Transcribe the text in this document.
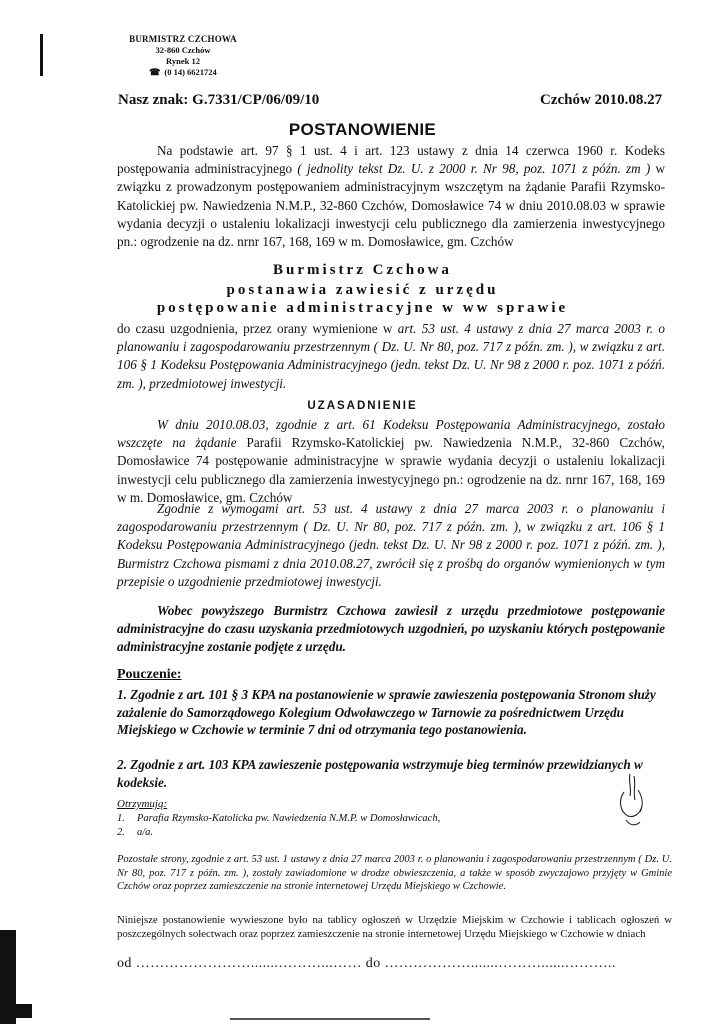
BURMISTRZ CZCHOWA
32-860 Czchów
Rynek 12
☎ (0 14) 6621724
Nasz znak: G.7331/CP/06/09/10	Czchów 2010.08.27
POSTANOWIENIE
Na podstawie art. 97 § 1 ust. 4 i art. 123 ustawy z dnia 14 czerwca 1960 r. Kodeks postępowania administracyjnego ( jednolity tekst Dz. U. z 2000 r. Nr 98, poz. 1071 z późn. zm ) w związku z prowadzonym postępowaniem administracyjnym wszczętym na żądanie Parafii Rzymsko-Katolickiej pw. Nawiedzenia N.M.P., 32-860 Czchów, Domosławice 74 w dniu 2010.08.03 w sprawie wydania decyzji o ustaleniu lokalizacji inwestycji celu publicznego dla zamierzenia inwestycyjnego pn.: ogrodzenie na dz. nrnr 167, 168, 169 w m. Domosławice, gm. Czchów
Burmistrz Czchowa
postanawia zawiesić z urzędu
postępowanie administracyjne w ww sprawie
do czasu uzgodnienia, przez orany wymienione w art. 53 ust. 4 ustawy z dnia 27 marca 2003 r. o planowaniu i zagospodarowaniu przestrzennym ( Dz. U. Nr 80, poz. 717 z późn. zm. ), w związku z art. 106 § 1 Kodeksu Postępowania Administracyjnego (jedn. tekst Dz. U. Nr 98 z 2000 r. poz. 1071 z późń. zm. ), przedmiotowej inwestycji.
UZASADNIENIE
W dniu 2010.08.03, zgodnie z art. 61 Kodeksu Postępowania Administracyjnego, zostało wszczęte na żądanie Parafii Rzymsko-Katolickiej pw. Nawiedzenia N.M.P., 32-860 Czchów, Domosławice 74 postępowanie administracyjne w sprawie wydania decyzji o ustaleniu lokalizacji inwestycji celu publicznego dla zamierzenia inwestycyjnego pn.: ogrodzenie na dz. nrnr 167, 168, 169 w m. Domosławice, gm. Czchów
Zgodnie z wymogami art. 53 ust. 4 ustawy z dnia 27 marca 2003 r. o planowaniu i zagospodarowaniu przestrzennym ( Dz. U. Nr 80, poz. 717 z późn. zm. ), w związku z art. 106 § 1 Kodeksu Postępowania Administracyjnego (jedn. tekst Dz. U. Nr 98 z 2000 r. poz. 1071 z późń. zm. ), Burmistrz Czchowa pismami z dnia 2010.08.27, zwrócił się z prośbą do organów wymienionych w tym przepisie o uzgodnienie przedmiotowej inwestycji.
Wobec powyższego Burmistrz Czchowa zawiesił z urzędu przedmiotowe postępowanie administracyjne do czasu uzyskania przedmiotowych uzgodnień, po uzyskaniu których postępowanie administracyjne zostanie podjęte z urzędu.
Pouczenie:
1. Zgodnie z art. 101 § 3 KPA na postanowienie w sprawie zawieszenia postępowania Stronom służy zażalenie do Samorządowego Kolegium Odwoławczego w Tarnowie za pośrednictwem Urzędu Miejskiego w Czchowie w terminie 7 dni od otrzymania tego postanowienia.
2. Zgodnie z art. 103 KPA zawieszenie postępowania wstrzymuje bieg terminów przewidzianych w kodeksie.
Otrzymują:
1. Parafia Rzymsko-Katolicka pw. Nawiedzenia N.M.P. w Domosławicach,
2. a/a.
Pozostałe strony, zgodnie z art. 53 ust. 1 ustawy z dnia 27 marca 2003 r. o planowaniu i zagospodarowaniu przestrzennym ( Dz. U. Nr 80, poz. 717 z późn. zm. ), zostały zawiadomione w drodze obwieszczenia, a także w sposób zwyczajowo przyjęty w Gminie Czchów oraz poprzez zamieszczenie na stronie internetowej Urzędu Miejskiego w Czchowie.
Niniejsze postanowienie wywieszone było na tablicy ogłoszeń w Urzędzie Miejskim w Czchowie i tablicach ogłoszeń w poszczególnych sołectwach oraz poprzez zamieszczenie na stronie internetowej Urzędu Miejskiego w Czchowie w dniach
od …………………….......………...…… do ……………….......………......………..
